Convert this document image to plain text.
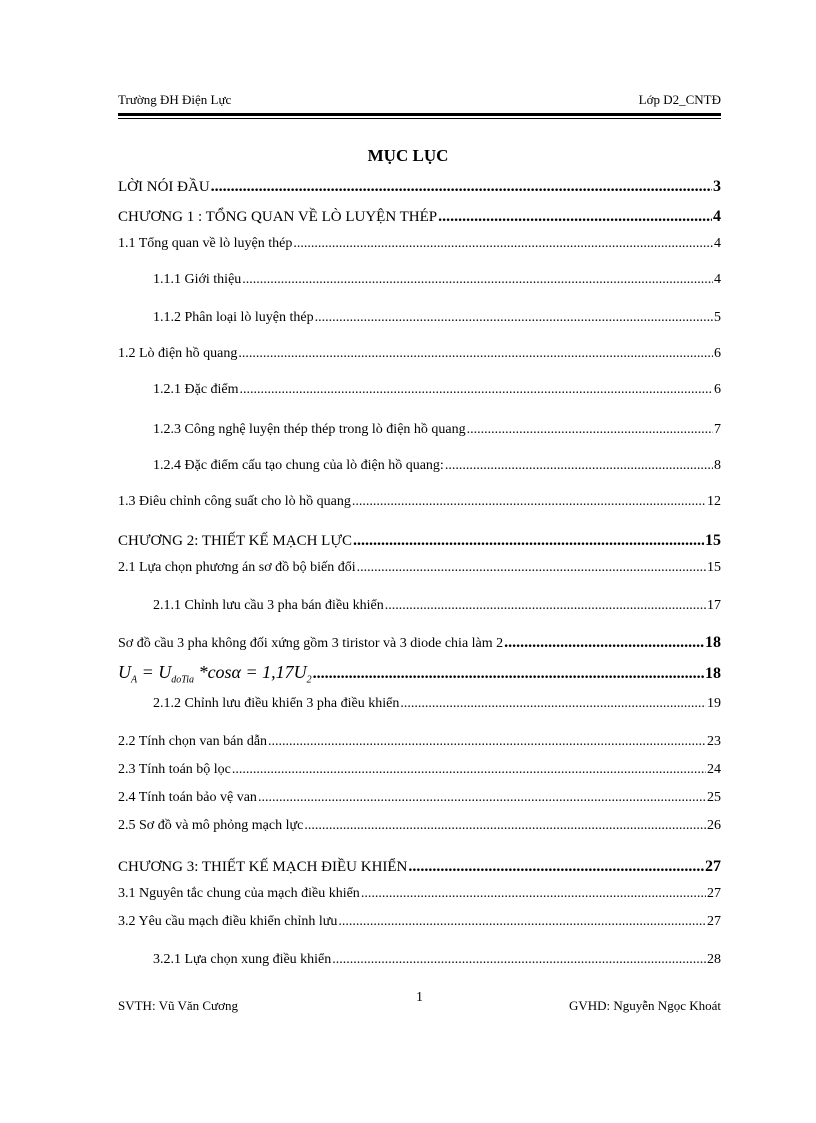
Trường ĐH Điện Lực	Lớp D2_CNTĐ
MỤC LỤC
LỜI NÓI ĐẦU .....	3
CHƯƠNG 1 : TỔNG QUAN VỀ LÒ LUYỆN THÉP .....	4
1.1 Tổng quan về lò luyện thép .....	4
1.1.1 Giới thiệu .....	4
1.1.2 Phân loại lò luyện thép .....	5
1.2 Lò điện hồ quang .....	6
1.2.1 Đặc điểm .....	6
1.2.3 Công nghệ luyện thép thép trong lò điện hồ quang .....	7
1.2.4 Đặc điểm cấu tạo chung của lò điện hồ quang: .....	8
1.3 Điêu chỉnh công suất cho lò hồ quang .....	12
CHƯƠNG 2: THIẾT KẾ MẠCH LỰC .....	15
2.1 Lựa chọn phương án sơ đồ bộ biến đổi .....	15
2.1.1 Chỉnh lưu cầu 3 pha bán điều khiển .....	17
Sơ đồ cầu 3 pha không đối xứng gồm 3 tiristor và 3 diode chia làm 2 .....	18
$U_A = U_{doTia}$ $*\cos\alpha = 1,17U_2$ .....	18
2.1.2 Chỉnh lưu điều khiển 3 pha điều khiển .....	19
2.2 Tính chọn van bán dẫn .....	23
2.3 Tính toán bộ lọc .....	24
2.4 Tính toán bảo vệ van .....	25
2.5 Sơ đồ và mô phỏng mạch lực .....	26
CHƯƠNG 3: THIẾT KẾ MẠCH ĐIỀU KHIỂN .....	27
3.1 Nguyên tắc chung của mạch điều khiển .....	27
3.2 Yêu cầu mạch điều khiển chỉnh lưu .....	27
3.2.1 Lựa chọn xung điều khiển .....	28
SVTH: Vũ Văn Cương
1
GVHD: Nguyễn Ngọc Khoát
